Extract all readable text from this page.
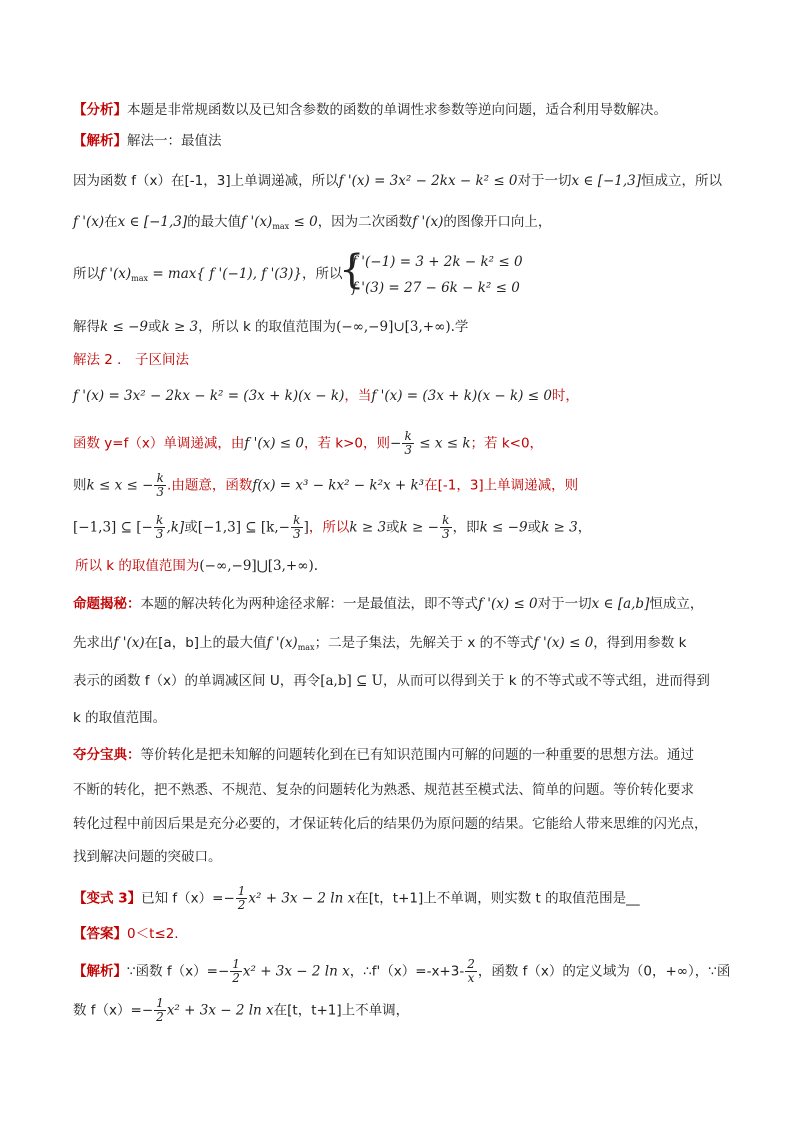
【分析】本题是非常规函数以及已知含参数的函数的单调性求参数等逆向问题，适合利用导数解决。
【解析】解法一：最值法
因为函数 f（x）在[-1，3]上单调递减，所以f '(x) = 3x² − 2kx − k² ≤ 0对于一切x ∈ [−1,3]恒成立，所以
f '(x)在x ∈ [−1,3]的最大值f '$(x)_{max} \le 0$，因为二次函数f '(x)的图像开口向上，
所以f '$(x)_{max} = \max${ f '(−1), f '(3)}，所以
{
f '(−1) = 3 + 2k − k² ≤ 0
f '(3) = 27 − 6k − k² ≤ 0
解得k ≤ −9或k ≥ 3，所以 k 的取值范围为(−∞,−9]∪[3,+∞).学
解法 2 ． 子区间法
f '(x) = 3x² − 2kx − k² = (3x + k)(x − k)，当f '(x) = (3x + k)(x − k) ≤ 0时，
函数 y=f（x）单调递减，由f '(x) ≤ 0，若 k>0，则− $\frac{k}{3} \le x \le k$；若 k<0，
则k ≤ x ≤ − $\frac{k}{3}$ .由题意，函数f(x) = x³ − kx² − k²x + k³在[-1，3]上单调递减，则
[−1,3] ⊆ [− $\frac{k}{3} ,k$]或[−1,3] ⊆ [$k,- \frac{k}{3}$ ]，所以k ≥ 3或k ≥ − $\frac{k}{3}$ ，即k ≤ −9或k ≥ 3，
所以 k 的取值范围为(−∞,−9]⋃[3,+∞).
命题揭秘：本题的解决转化为两种途径求解：一是最值法，即不等式f '(x) ≤ 0对于一切x ∈ [a,b]恒成立，
先求出f '(x)在[a，b]上的最大值f '$(x)_{max}$；二是子集法，先解关于 x 的不等式f '(x) ≤ 0，得到用参数 k
表示的函数 f（x）的单调减区间 U，再令[a,b] ⊆ U，从而可以得到关于 k 的不等式或不等式组，进而得到
k 的取值范围。
夺分宝典：等价转化是把未知解的问题转化到在已有知识范围内可解的问题的一种重要的思想方法。通过
不断的转化，把不熟悉、不规范、复杂的问题转化为熟悉、规范甚至模式法、简单的问题。等价转化要求
转化过程中前因后果是充分必要的，才保证转化后的结果仍为原问题的结果。它能给人带来思维的闪光点，
找到解决问题的突破口。
【变式 3】已知 $f(x)=- \frac{1}{2} x^2 + 3x - 2$ ln x在[t，t+1]上不单调，则实数 t 的取值范围是__
【答案】0＜t≤2.
【解析】∵函数 $f(x)=- \frac{1}{2} x^2 + 3x - 2$ ln x，∴f'（x）=-x+3- $\frac{2}{x}$ ，函数 f（x）的定义域为（0，+∞），∵函
数 $f(x)=- \frac{1}{2} x^2 + 3x - 2$ ln x在[t，t+1]上不单调，
